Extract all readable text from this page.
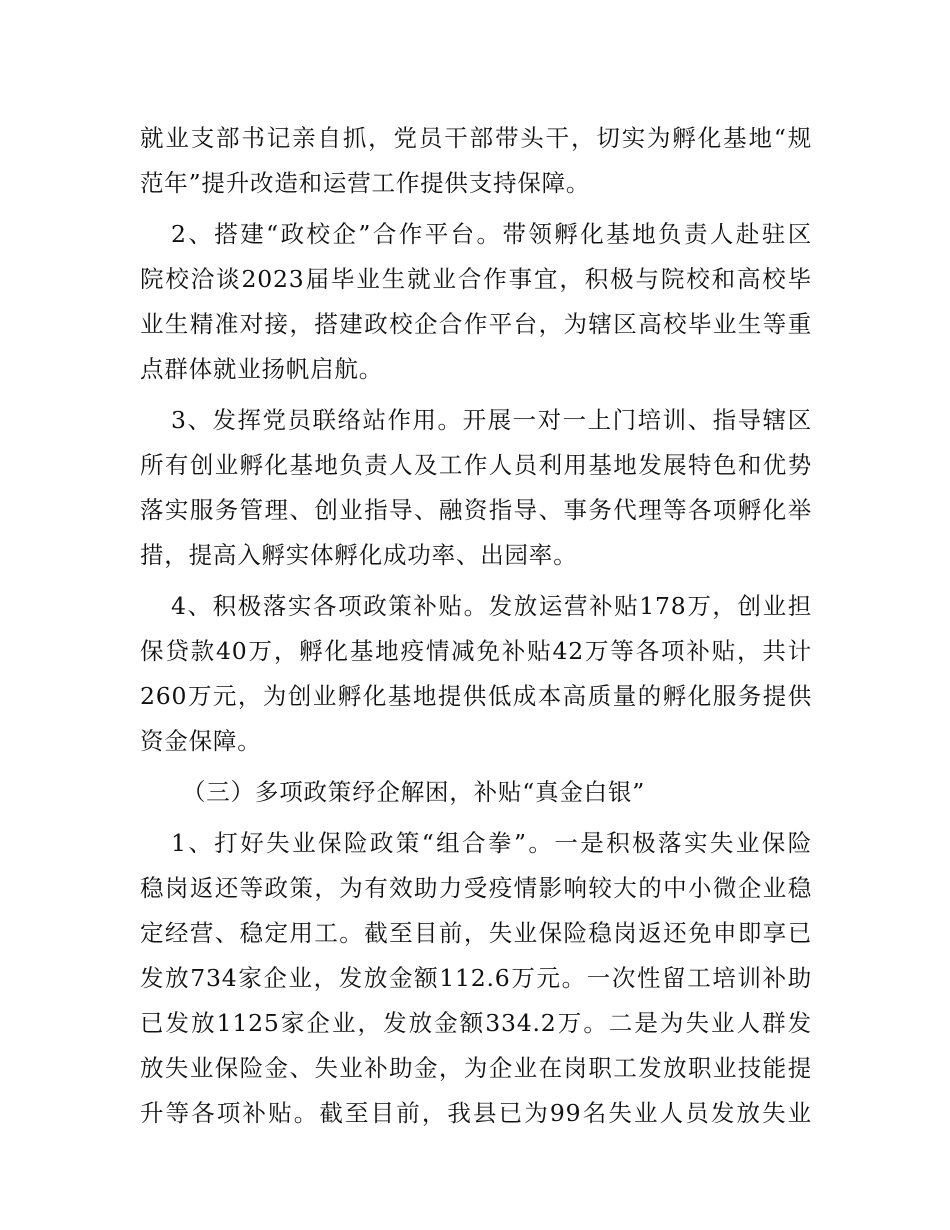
就业支部书记亲自抓，党员干部带头干，切实为孵化基地“规
范年”提升改造和运营工作提供支持保障。
2、搭建“政校企”合作平台。带领孵化基地负责人赴驻区
院校洽谈2023届毕业生就业合作事宜，积极与院校和高校毕
业生精准对接，搭建政校企合作平台，为辖区高校毕业生等重
点群体就业扬帆启航。
3、发挥党员联络站作用。开展一对一上门培训、指导辖区
所有创业孵化基地负责人及工作人员利用基地发展特色和优势
落实服务管理、创业指导、融资指导、事务代理等各项孵化举
措，提高入孵实体孵化成功率、出园率。
4、积极落实各项政策补贴。发放运营补贴178万，创业担
保贷款40万，孵化基地疫情减免补贴42万等各项补贴，共计
260万元，为创业孵化基地提供低成本高质量的孵化服务提供
资金保障。
（三）多项政策纾企解困，补贴“真金白银”
1、打好失业保险政策“组合拳”。一是积极落实失业保险
稳岗返还等政策，为有效助力受疫情影响较大的中小微企业稳
定经营、稳定用工。截至目前，失业保险稳岗返还免申即享已
发放734家企业，发放金额112.6万元。一次性留工培训补助
已发放1125家企业，发放金额334.2万。二是为失业人群发
放失业保险金、失业补助金，为企业在岗职工发放职业技能提
升等各项补贴。截至目前，我县已为99名失业人员发放失业
